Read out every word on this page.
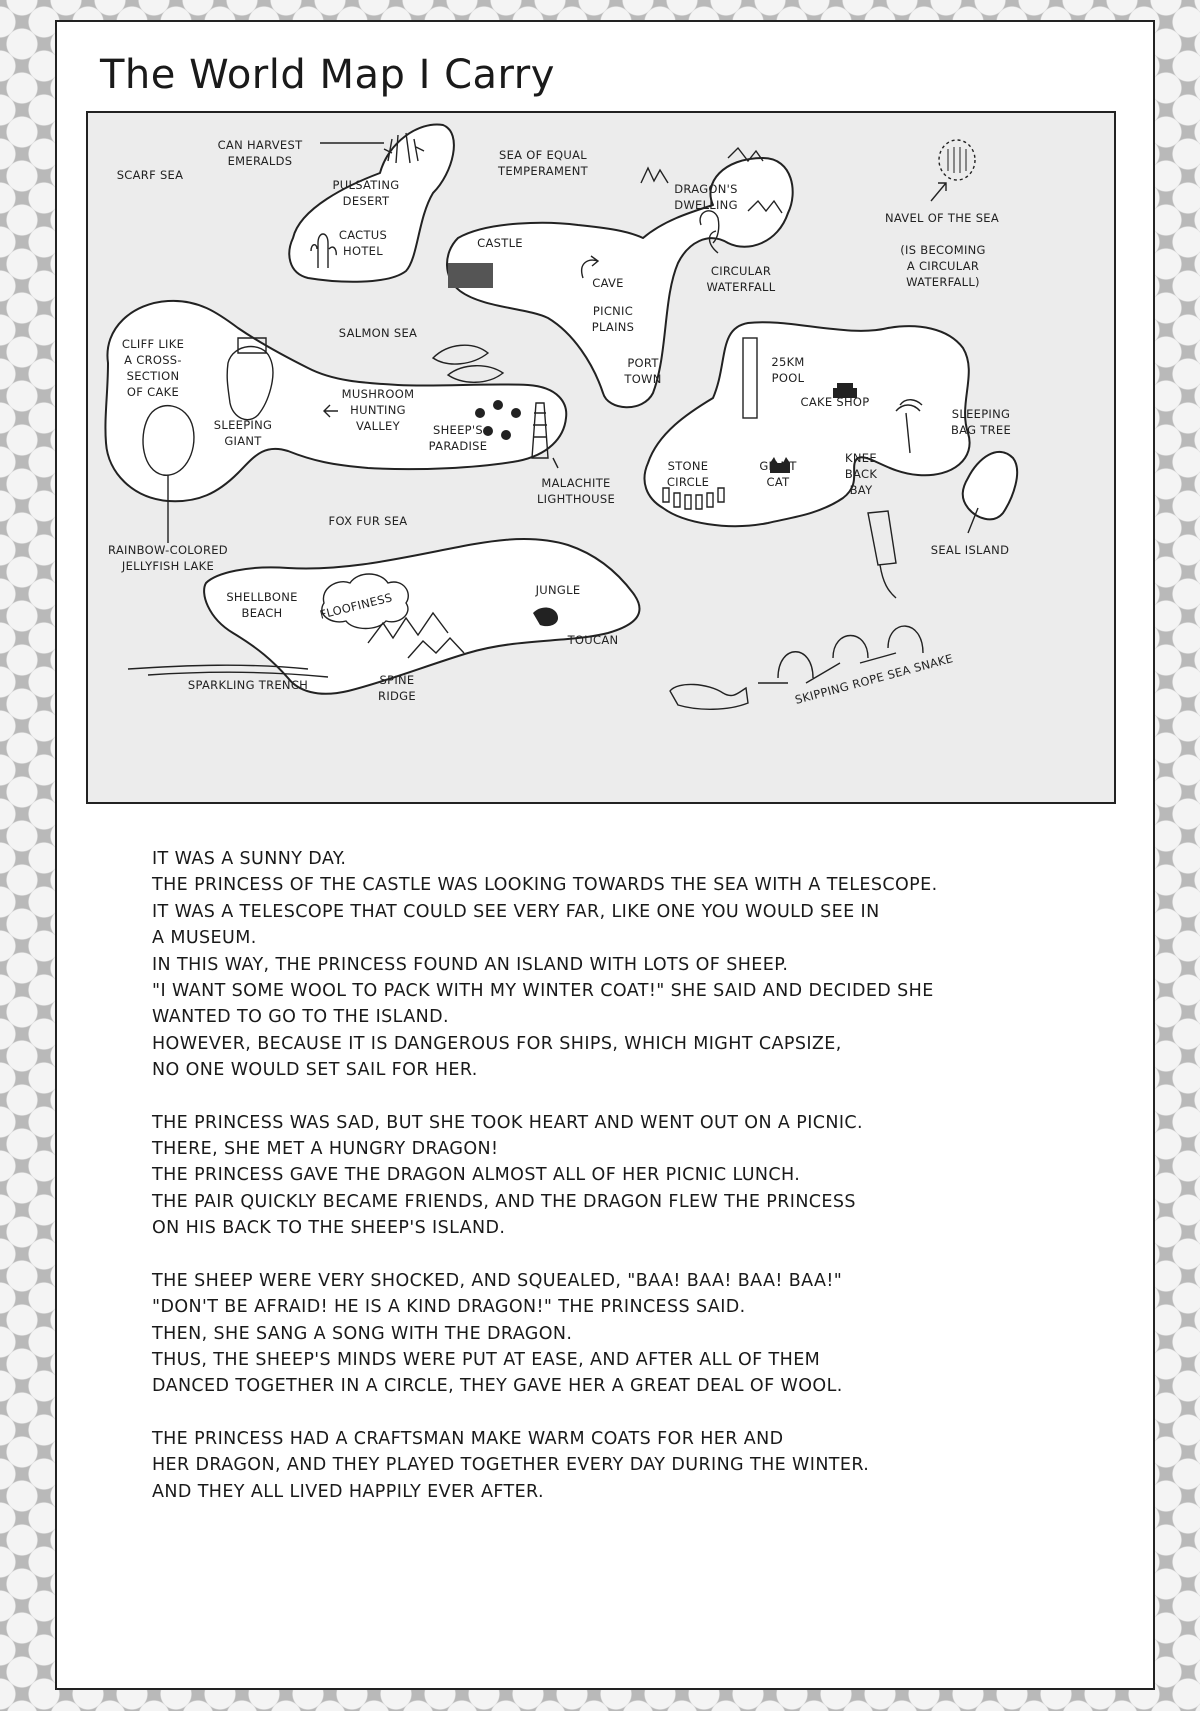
The World Map I Carry
SCARF SEA
CAN HARVEST
EMERALDS
PULSATING
DESERT
CACTUS
HOTEL
SEA OF EQUAL
TEMPERAMENT
DRAGON'S
DWELLING
NAVEL OF THE SEA
(IS BECOMING
A CIRCULAR
WATERFALL)
CASTLE
CAVE
CIRCULAR
WATERFALL
PICNIC
PLAINS
PORT
TOWN
SALMON SEA
CLIFF LIKE
A CROSS-
SECTION
OF CAKE
SLEEPING
GIANT
MUSHROOM
HUNTING
VALLEY	SHEEP'S
PARADISE
MALACHITE
LIGHTHOUSE
RAINBOW-COLORED
JELLYFISH LAKE
FOX FUR SEA
25KM
POOL
CAKE SHOP
SLEEPING
BAG TREE
STONE
CIRCLE
GIANT
CAT
KNEE
BACK
BAY
SEAL ISLAND
SHELLBONE
BEACH	FLOOFINESS
JUNGLE
TOUCAN
SPINE
RIDGE
SPARKLING TRENCH	SKIPPING ROPE SEA SNAKE

IT WAS A SUNNY DAY.
THE PRINCESS OF THE CASTLE WAS LOOKING TOWARDS THE SEA WITH A TELESCOPE.
IT WAS A TELESCOPE THAT COULD SEE VERY FAR, LIKE ONE YOU WOULD SEE IN
A MUSEUM.
IN THIS WAY, THE PRINCESS FOUND AN ISLAND WITH LOTS OF SHEEP.
"I WANT SOME WOOL TO PACK WITH MY WINTER COAT!" SHE SAID AND DECIDED SHE
WANTED TO GO TO THE ISLAND.
HOWEVER, BECAUSE IT IS DANGEROUS FOR SHIPS, WHICH MIGHT CAPSIZE,
NO ONE WOULD SET SAIL FOR HER.

THE PRINCESS WAS SAD, BUT SHE TOOK HEART AND WENT OUT ON A PICNIC.
THERE, SHE MET A HUNGRY DRAGON!
THE PRINCESS GAVE THE DRAGON ALMOST ALL OF HER PICNIC LUNCH.
THE PAIR QUICKLY BECAME FRIENDS, AND THE DRAGON FLEW THE PRINCESS
ON HIS BACK TO THE SHEEP'S ISLAND.

THE SHEEP WERE VERY SHOCKED, AND SQUEALED, "BAA! BAA! BAA! BAA!"
"DON'T BE AFRAID! HE IS A KIND DRAGON!" THE PRINCESS SAID.
THEN, SHE SANG A SONG WITH THE DRAGON.
THUS, THE SHEEP'S MINDS WERE PUT AT EASE, AND AFTER ALL OF THEM
DANCED TOGETHER IN A CIRCLE, THEY GAVE HER A GREAT DEAL OF WOOL.

THE PRINCESS HAD A CRAFTSMAN MAKE WARM COATS FOR HER AND
HER DRAGON, AND THEY PLAYED TOGETHER EVERY DAY DURING THE WINTER.
AND THEY ALL LIVED HAPPILY EVER AFTER.
